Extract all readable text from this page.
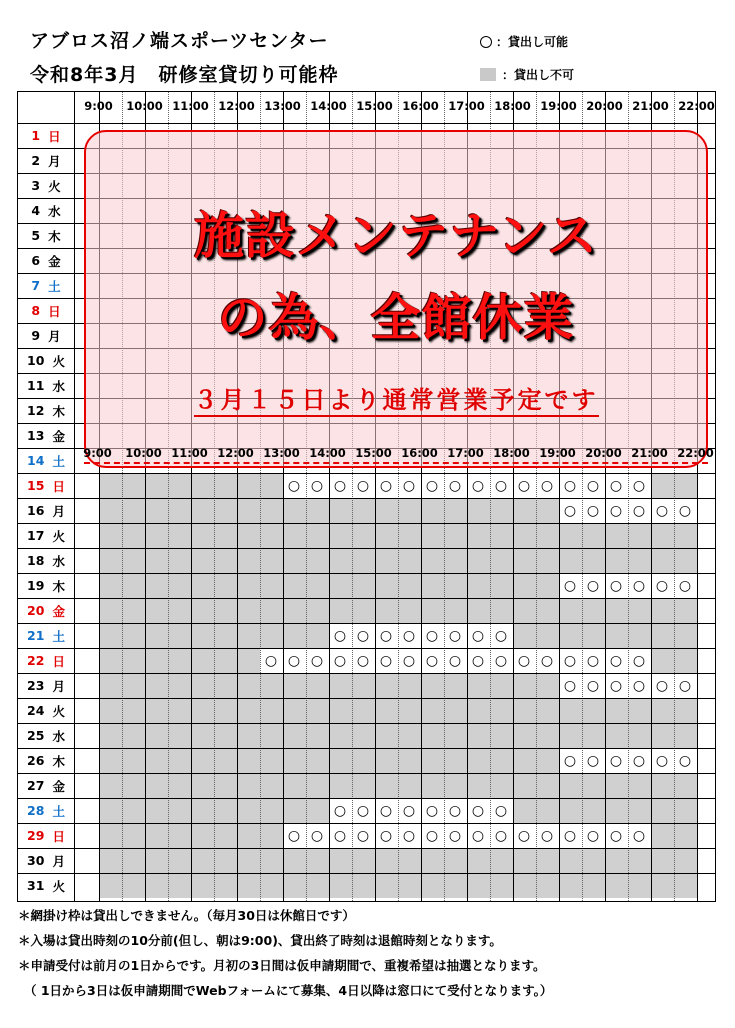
アブロス沼ノ端スポーツセンター
令和8年3月　研修室貸切り可能枠
：貸出し可能
：貸出し不可
○ ○ ○ ○ ○ ○ ○ ○ ○ ○ ○ ○ ○ ○ ○ ○
○ ○ ○ ○ ○ ○
○ ○ ○ ○ ○ ○
○ ○ ○ ○ ○ ○ ○ ○
○ ○ ○ ○ ○ ○ ○ ○ ○ ○ ○ ○ ○ ○ ○ ○ ○
○ ○ ○ ○ ○ ○
○ ○ ○ ○ ○ ○
○ ○ ○ ○ ○ ○ ○ ○
○ ○ ○ ○ ○ ○ ○ ○ ○ ○ ○ ○ ○ ○ ○ ○
9:00 10:00 11:00 12:00 13:00 14:00 15:00 16:00 17:00 18:00 19:00 20:00 21:00 22:00
1 日
2 月
3 火
4 水
5 木
6 金
7 土
8 日
9 月
10 火
11 水
12 木
13 金
14 土
15 日
16 月
17 火
18 水
19 木
20 金
21 土
22 日
23 月
24 火
25 水
26 木
27 金
28 土
29 日
30 月
31 火
施設メンテナンス
の為、全館休業
３月１５日より通常営業予定です
9:00 10:00 11:00 12:00 13:00 14:00 15:00 16:00 17:00 18:00 19:00 20:00 21:00 22:00
＊網掛け枠は貸出しできません。（毎月30日は休館日です）
＊入場は貸出時刻の10分前(但し、朝は9:00)、貸出終了時刻は退館時刻となります。
＊申請受付は前月の1日からです。月初の3日間は仮申請期間で、重複希望は抽選となります。
（ 1日から3日は仮申請期間でWebフォームにて募集、4日以降は窓口にて受付となります。）
